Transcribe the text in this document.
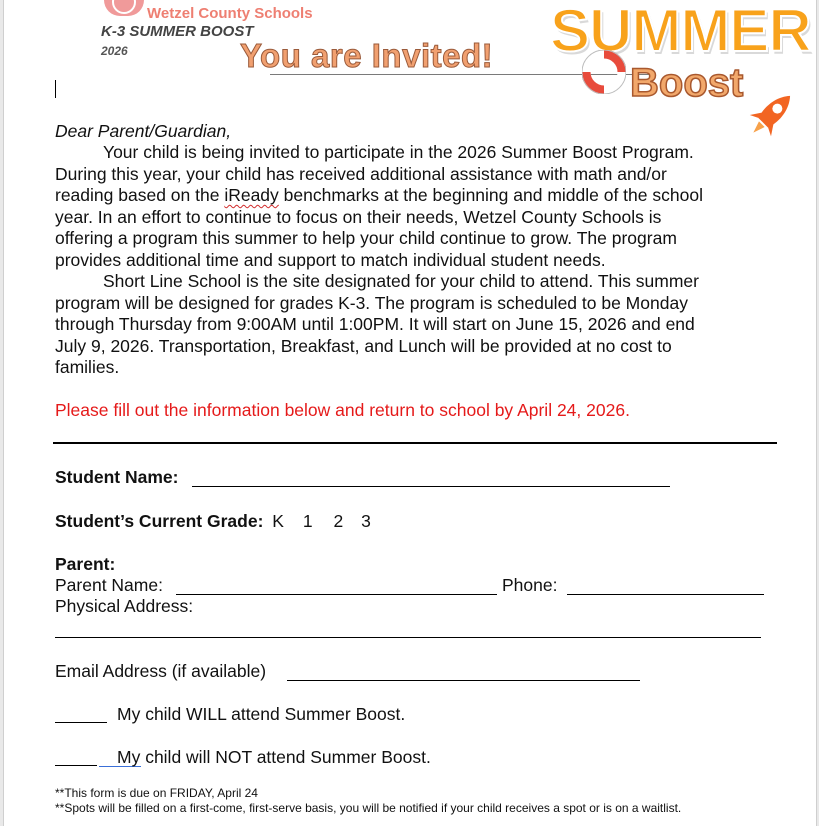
Wetzel County Schools
K-3 SUMMER BOOST
2026	You are Invited! SUMMER
Boost
Dear Parent/Guardian,

Your child is being invited to participate in the 2026 Summer Boost Program.

During this year, your child has received additional assistance with math and/or

reading based on the iReady benchmarks at the beginning and middle of the school

year. In an effort to continue to focus on their needs, Wetzel County Schools is

offering a program this summer to help your child continue to grow. The program

provides additional time and support to match individual student needs.

Short Line School is the site designated for your child to attend. This summer

program will be designed for grades K-3. The program is scheduled to be Monday

through Thursday from 9:00AM until 1:00PM. It will start on June 15, 2026 and end

July 9, 2026. Transportation, Breakfast, and Lunch will be provided at no cost to

families.

Please fill out the information below and return to school by April 24, 2026.
Student Name:
Student’s Current Grade: K 1 2 3
Parent:
Parent Name:	Phone:
Physical Address:
Email Address (if available)
My child WILL attend Summer Boost.
My child will NOT attend Summer Boost.
**This form is due on FRIDAY, April 24
**Spots will be filled on a first-come, first-serve basis, you will be notified if your child receives a spot or is on a waitlist.
